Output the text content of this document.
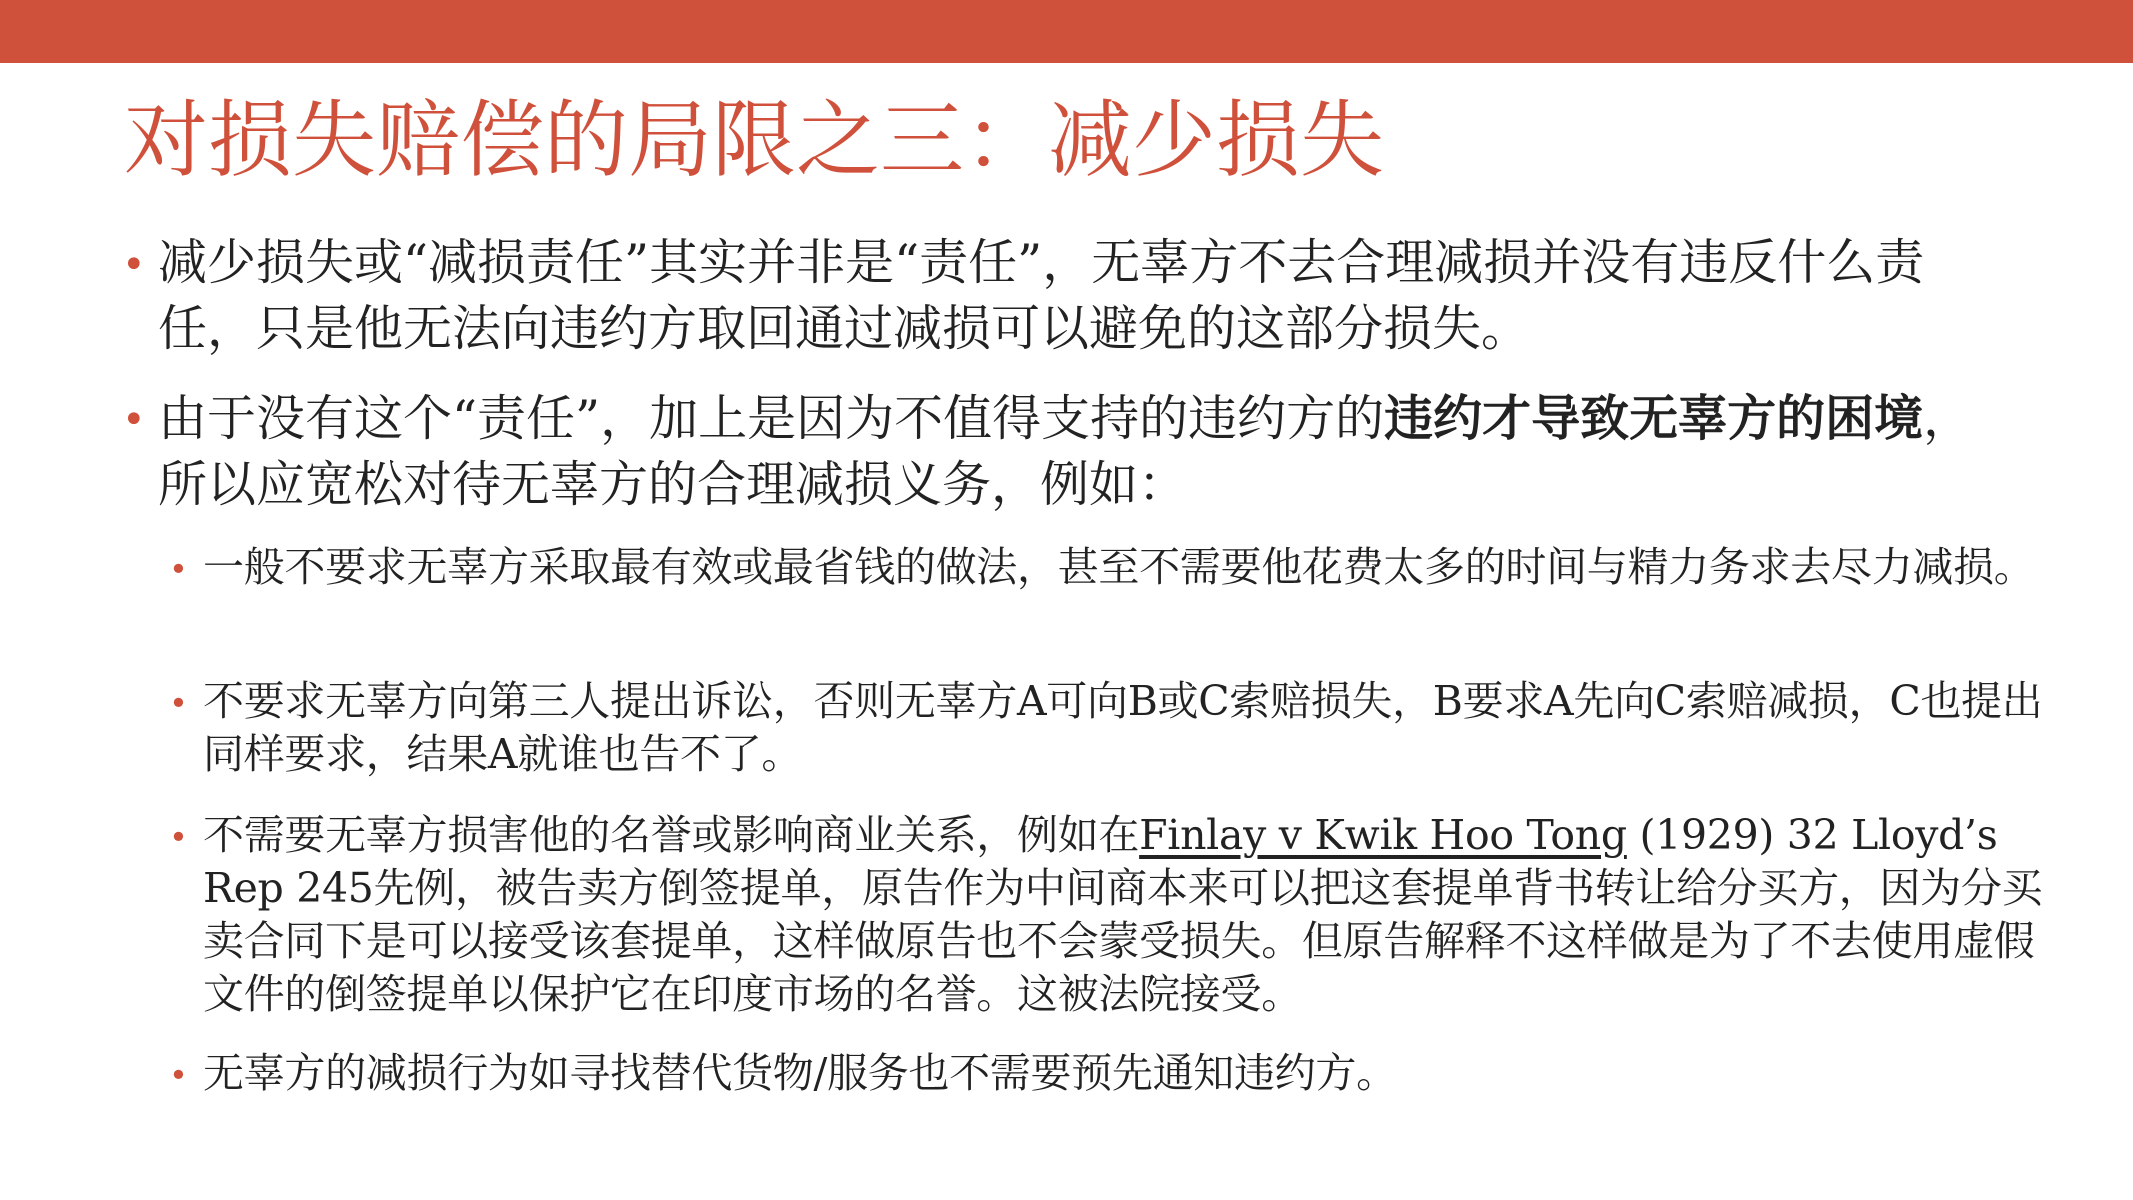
对损失赔偿的局限之三：减少损失
• 减少损失或“减损责任”其实并非是“责任”，无辜方不去合理减损并没有违反什么责任，只是他无法向违约方取回通过减损可以避免的这部分损失。
• 由于没有这个“责任”，加上是因为不值得支持的违约方的违约才导致无辜方的困境，所以应宽松对待无辜方的合理减损义务，例如：
• 一般不要求无辜方采取最有效或最省钱的做法，甚至不需要他花费太多的时间与精力务求去尽力减损。
• 不要求无辜方向第三人提出诉讼，否则无辜方A可向B或C索赔损失，B要求A先向C索赔减损，C也提出同样要求，结果A就谁也告不了。
• 不需要无辜方损害他的名誉或影响商业关系，例如在Finlay v Kwik Hoo Tong (1929) 32 Lloyd’s Rep 245先例，被告卖方倒签提单，原告作为中间商本来可以把这套提单背书转让给分买方，因为分买卖合同下是可以接受该套提单，这样做原告也不会蒙受损失。但原告解释不这样做是为了不去使用虚假文件的倒签提单以保护它在印度市场的名誉。这被法院接受。
• 无辜方的减损行为如寻找替代货物/服务也不需要预先通知违约方。
